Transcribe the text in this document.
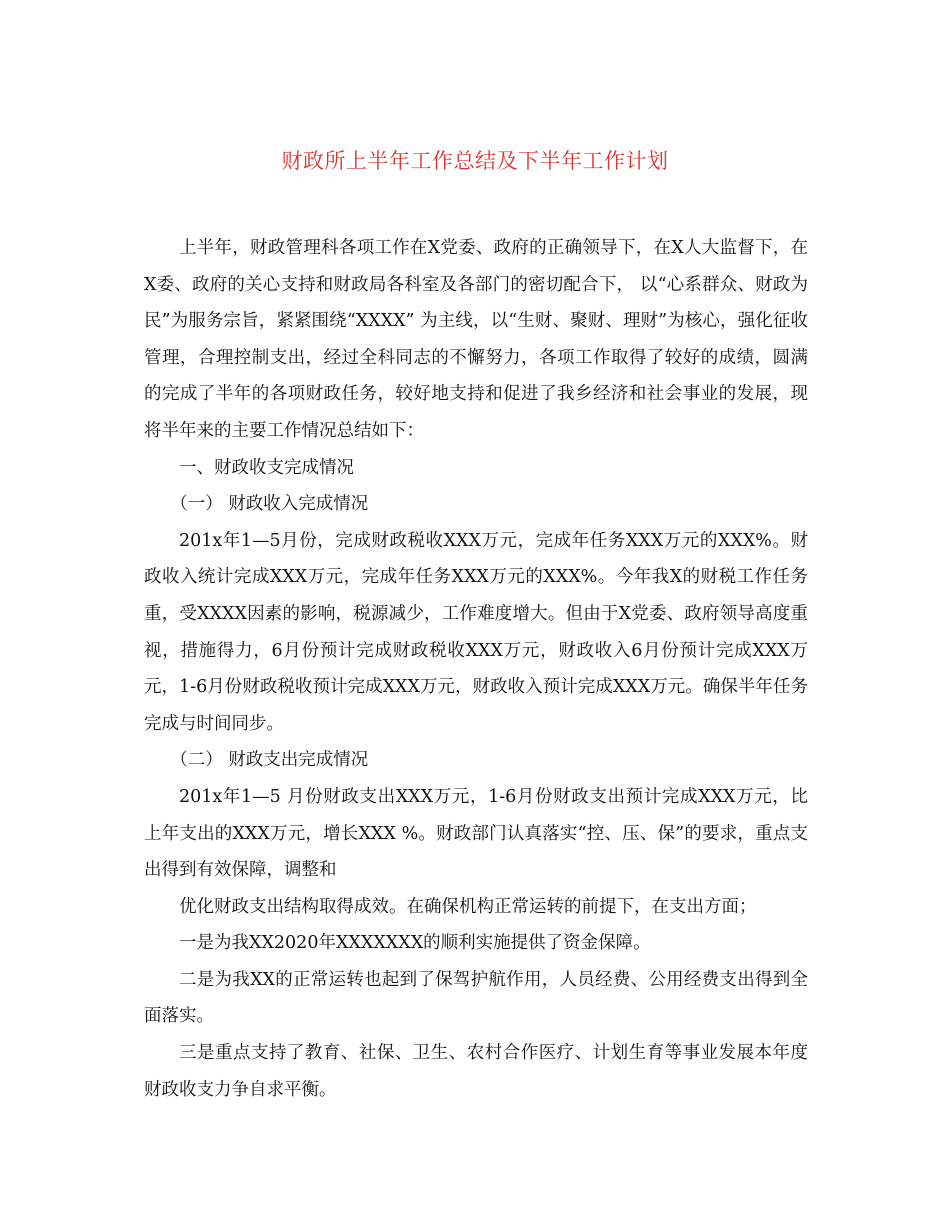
财政所上半年工作总结及下半年工作计划

上半年，财政管理科各项工作在X党委、政府的正确领导下，在X人大监督下，在X委、政府的关心支持和财政局各科室及各部门的密切配合下， 以“心系群众、财政为民”为服务宗旨，紧紧围绕“XXXX” 为主线，以“生财、聚财、理财”为核心，强化征收管理，合理控制支出，经过全科同志的不懈努力，各项工作取得了较好的成绩，圆满的完成了半年的各项财政任务，较好地支持和促进了我乡经济和社会事业的发展，现将半年来的主要工作情况总结如下：

一、财政收支完成情况

（一） 财政收入完成情况

201x年1—5月份，完成财政税收XXX万元，完成年任务XXX万元的XXX%。财政收入统计完成XXX万元，完成年任务XXX万元的XXX%。今年我X的财税工作任务重，受XXXX因素的影响，税源减少，工作难度增大。但由于X党委、政府领导高度重视，措施得力，6月份预计完成财政税收XXX万元，财政收入6月份预计完成XXX万元，1-6月份财政税收预计完成XXX万元，财政收入预计完成XXX万元。确保半年任务完成与时间同步。

（二） 财政支出完成情况

201x年1—5 月份财政支出XXX万元，1-6月份财政支出预计完成XXX万元，比上年支出的XXX万元，增长XXX %。财政部门认真落实“控、压、保”的要求，重点支出得到有效保障，调整和

优化财政支出结构取得成效。在确保机构正常运转的前提下，在支出方面；

一是为我XX2020年XXXXXXX的顺利实施提供了资金保障。

二是为我XX的正常运转也起到了保驾护航作用，人员经费、公用经费支出得到全面落实。

三是重点支持了教育、社保、卫生、农村合作医疗、计划生育等事业发展本年度财政收支力争自求平衡。
